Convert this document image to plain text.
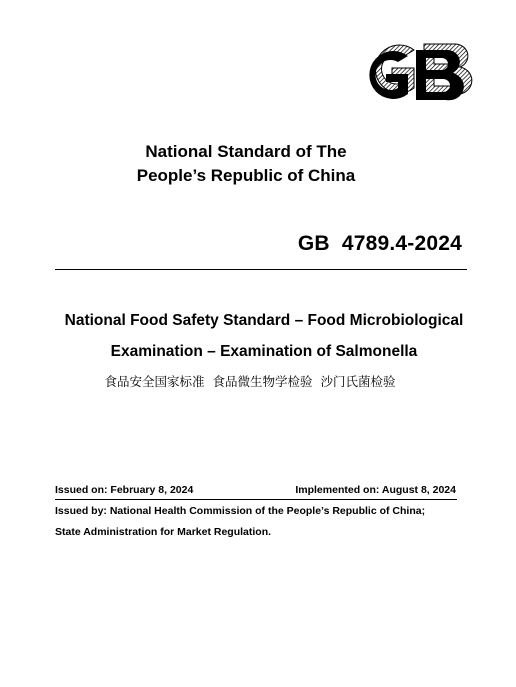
National Standard of The
People’s Republic of China
GB  4789.4-2024
National Food Safety Standard – Food Microbiological
Examination – Examination of Salmonella
食品安全国家标准  食品微生物学检验  沙门氏菌检验
Issued on: February 8, 2024	Implemented on: August 8, 2024
Issued by: National Health Commission of the People’s Republic of China;
State Administration for Market Regulation.
